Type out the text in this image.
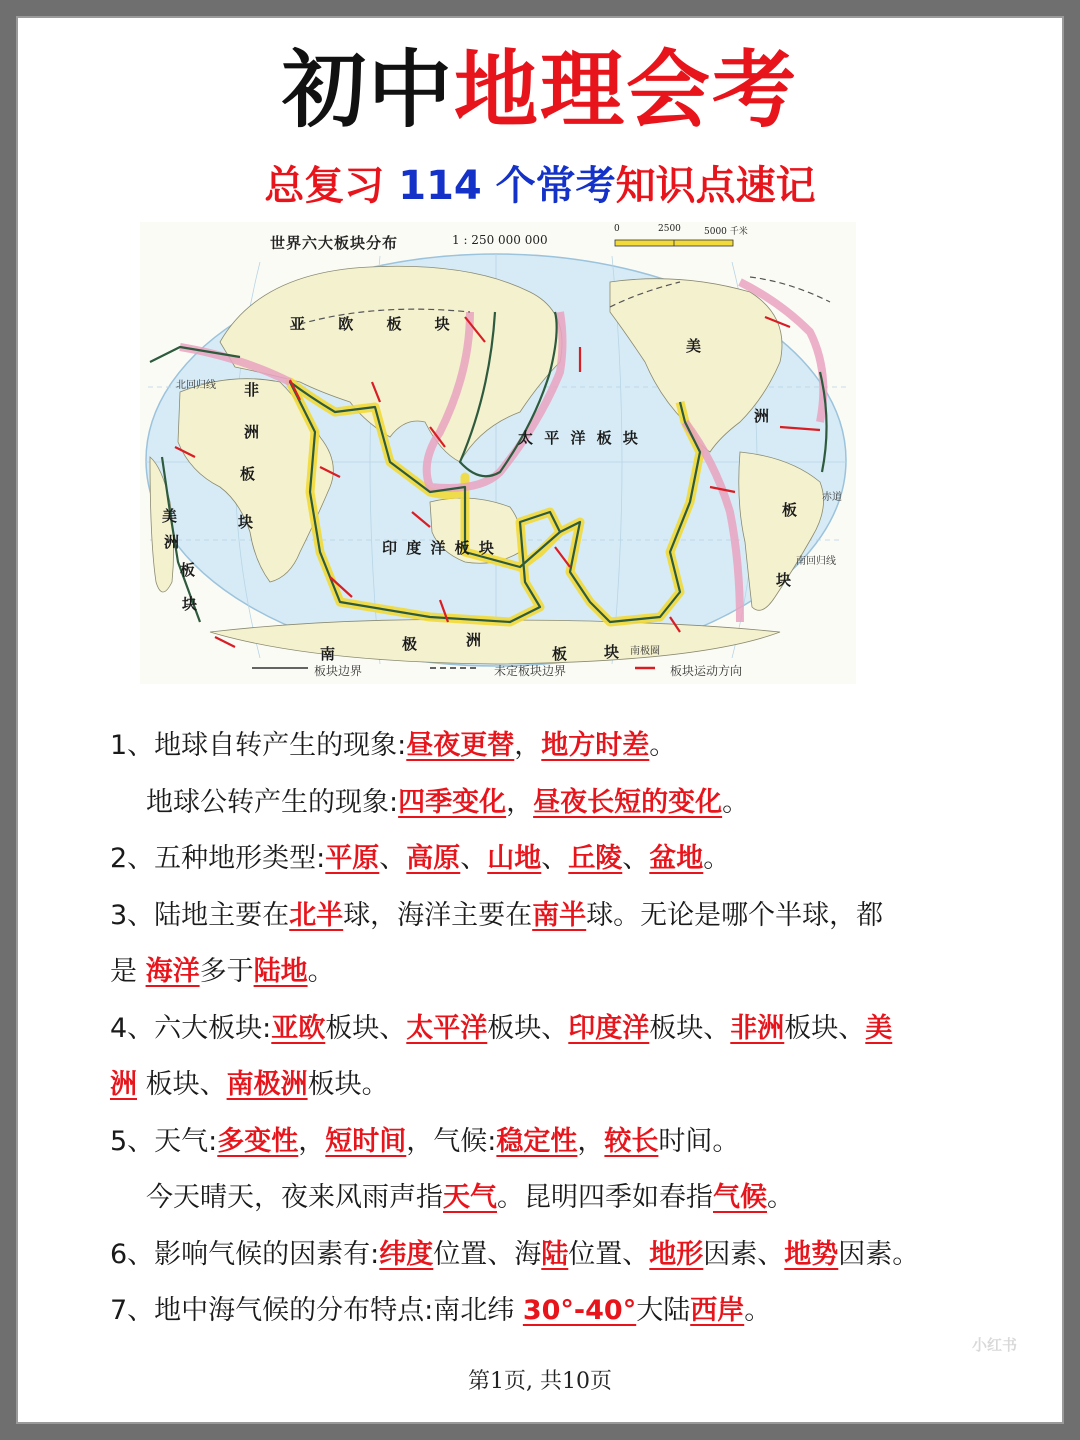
初中地理会考
总复习 114 个常考知识点速记
世界六大板块分布	1 : 250 000 000
0	2500	5000 千米
亚 欧 板 块
太 平 洋 板 块
印 度 洋 板 块
非
洲
板
块
美
洲
板
块
美
洲
板
块
南
极	洲
板 块
北回归线
赤道
南回归线
南极圈
板块边界	未定板块边界	板块运动方向
1、地球自转产生的现象:昼夜更替，地方时差。
地球公转产生的现象:四季变化，昼夜长短的变化。
2、五种地形类型:平原、高原、山地、丘陵、盆地。
3、陆地主要在北半球，海洋主要在南半球。无论是哪个半球，都
是 海洋多于陆地。
4、六大板块:亚欧板块、太平洋板块、印度洋板块、非洲板块、美
洲 板块、南极洲板块。
5、天气:多变性，短时间，气候:稳定性，较长时间。
今天晴天，夜来风雨声指天气。昆明四季如春指气候。
6、影响气候的因素有:纬度位置、海陆位置、地形因素、地势因素。
7、地中海气候的分布特点:南北纬 30°-40°大陆西岸。
第1页, 共10页
小红书
